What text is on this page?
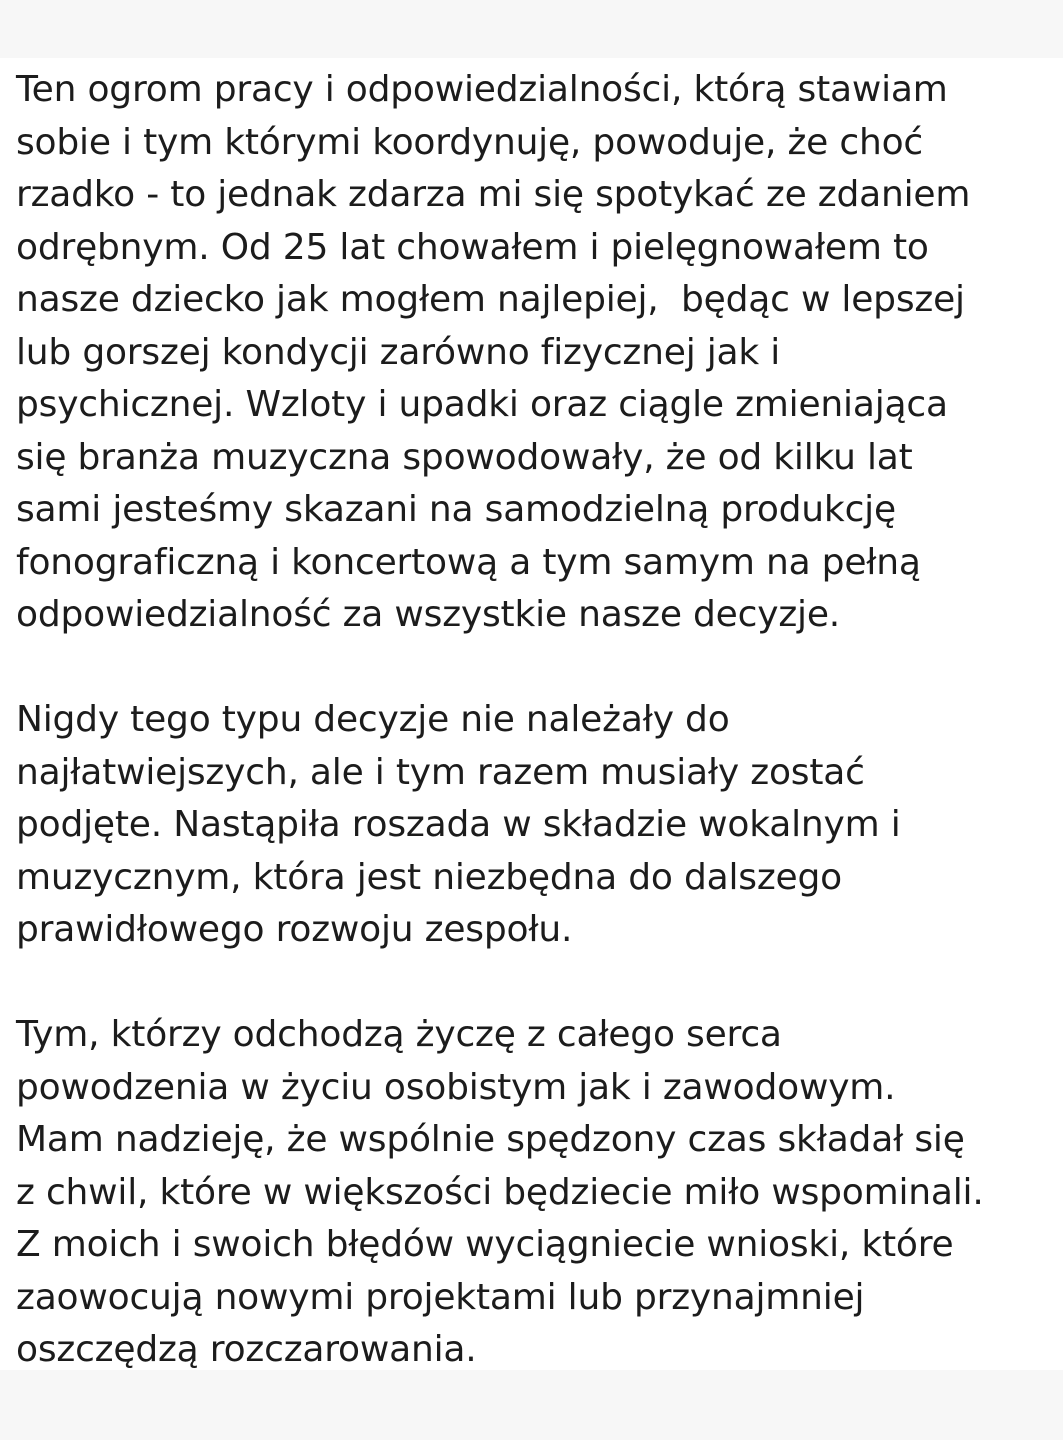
Ten ogrom pracy i odpowiedzialności, którą stawiam
sobie i tym którymi koordynuję, powoduje, że choć
rzadko - to jednak zdarza mi się spotykać ze zdaniem
odrębnym. Od 25 lat chowałem i pielęgnowałem to
nasze dziecko jak mogłem najlepiej,  będąc w lepszej
lub gorszej kondycji zarówno fizycznej jak i
psychicznej. Wzloty i upadki oraz ciągle zmieniająca
się branża muzyczna spowodowały, że od kilku lat
sami jesteśmy skazani na samodzielną produkcję
fonograficzną i koncertową a tym samym na pełną
odpowiedzialność za wszystkie nasze decyzje.
Nigdy tego typu decyzje nie należały do
najłatwiejszych, ale i tym razem musiały zostać
podjęte. Nastąpiła roszada w składzie wokalnym i
muzycznym, która jest niezbędna do dalszego
prawidłowego rozwoju zespołu.
Tym, którzy odchodzą życzę z całego serca
powodzenia w życiu osobistym jak i zawodowym.
Mam nadzieję, że wspólnie spędzony czas składał się
z chwil, które w większości będziecie miło wspominali.
Z moich i swoich błędów wyciągniecie wnioski, które
zaowocują nowymi projektami lub przynajmniej
oszczędzą rozczarowania.
